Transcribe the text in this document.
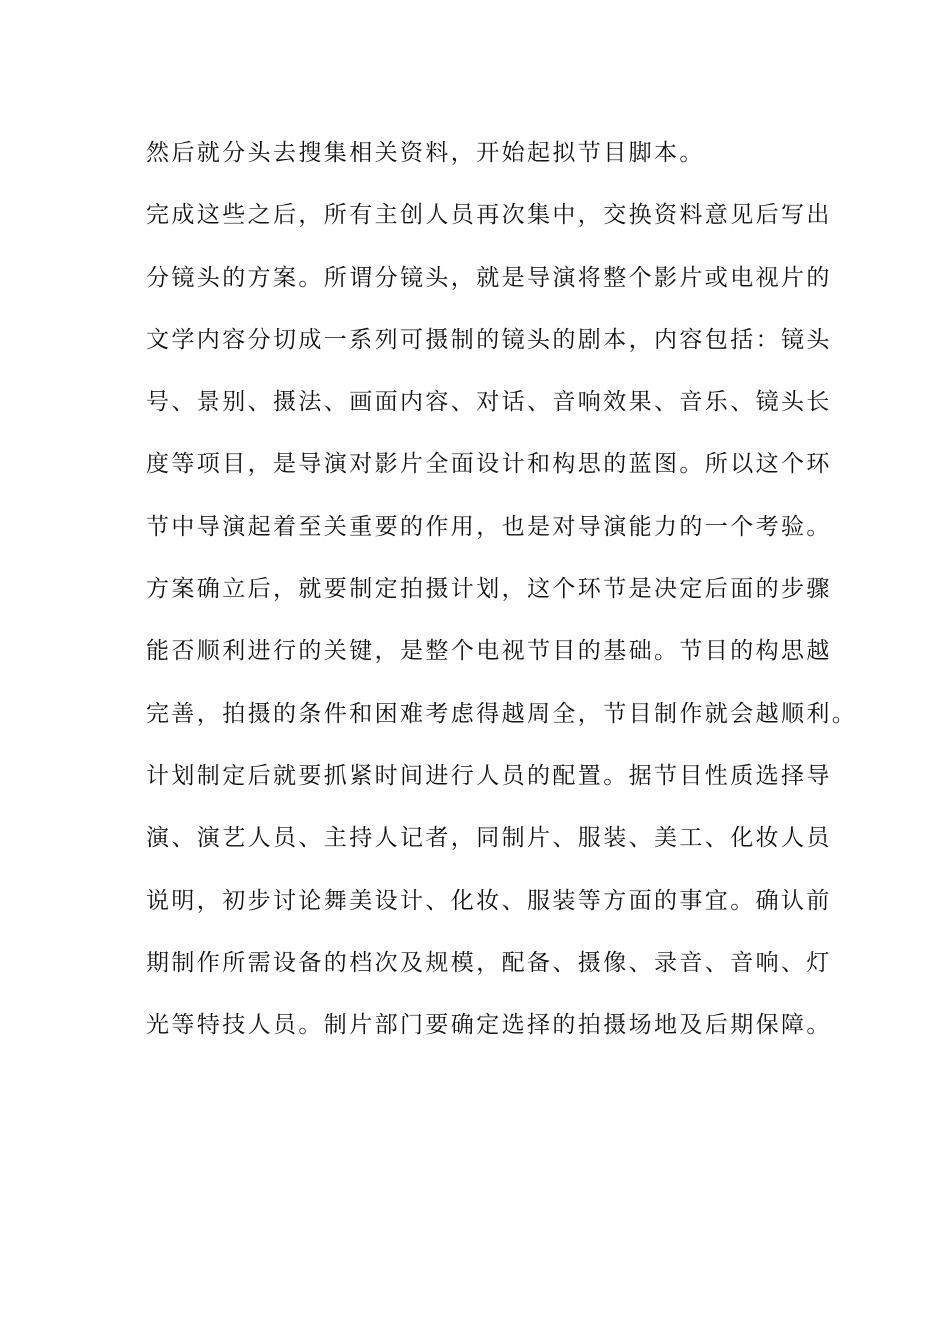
然后就分头去搜集相关资料，开始起拟节目脚本。
完成这些之后，所有主创人员再次集中，交换资料意见后写出
分镜头的方案。所谓分镜头，就是导演将整个影片或电视片的
文学内容分切成一系列可摄制的镜头的剧本，内容包括：镜头
号、景别、摄法、画面内容、对话、音响效果、音乐、镜头长
度等项目，是导演对影片全面设计和构思的蓝图。所以这个环
节中导演起着至关重要的作用，也是对导演能力的一个考验。
方案确立后，就要制定拍摄计划，这个环节是决定后面的步骤
能否顺利进行的关键，是整个电视节目的基础。节目的构思越
完善，拍摄的条件和困难考虑得越周全，节目制作就会越顺利。
计划制定后就要抓紧时间进行人员的配置。据节目性质选择导
演、演艺人员、主持人记者，同制片、服装、美工、化妆人员
说明，初步讨论舞美设计、化妆、服装等方面的事宜。确认前
期制作所需设备的档次及规模，配备、摄像、录音、音响、灯
光等特技人员。制片部门要确定选择的拍摄场地及后期保障。
